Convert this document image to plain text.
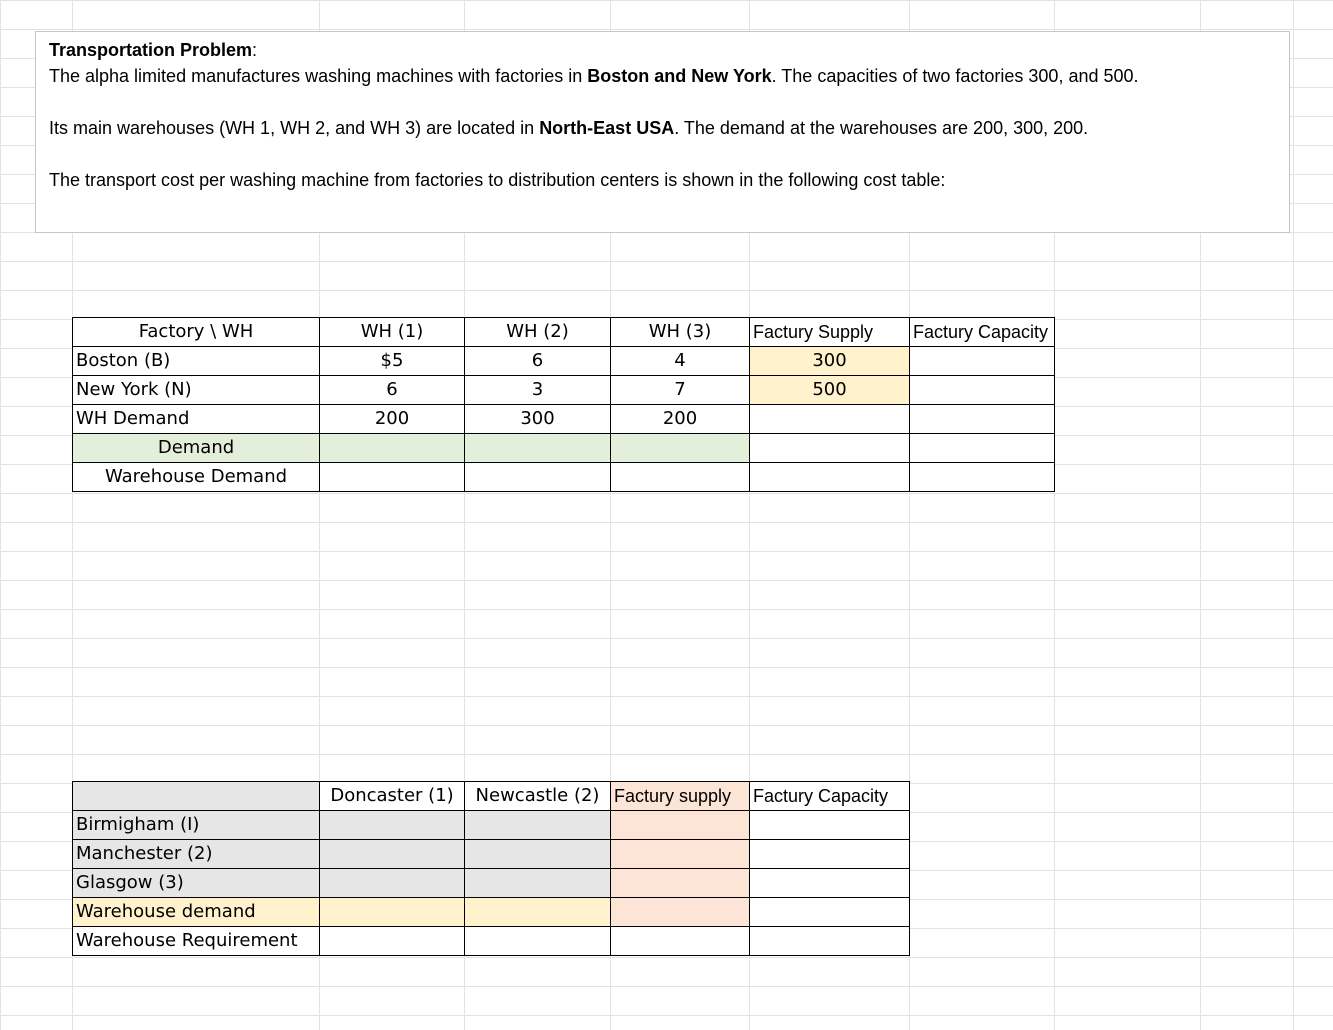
Transportation Problem:

The alpha limited manufactures washing machines with factories in Boston and New York. The capacities of two factories 300, and 500.

Its main warehouses (WH 1, WH 2, and WH 3) are located in North-East USA. The demand at the warehouses are 200, 300, 200.

The transport cost per washing machine from factories to distribution centers is shown in the following cost table:

Factory \ WH	WH (1)	WH (2)	WH (3)	Factury Supply	Factury Capacity
Boston (B)	$5	6	4	300	
New York (N)	6	3	7	500	
WH Demand	200	300	200		
Demand					
Warehouse Demand					
	Doncaster (1)	Newcastle (2)	Factury supply	Factury Capacity
Birmigham (I)				
Manchester (2)				
Glasgow (3)				
Warehouse demand				
Warehouse Requirement				
